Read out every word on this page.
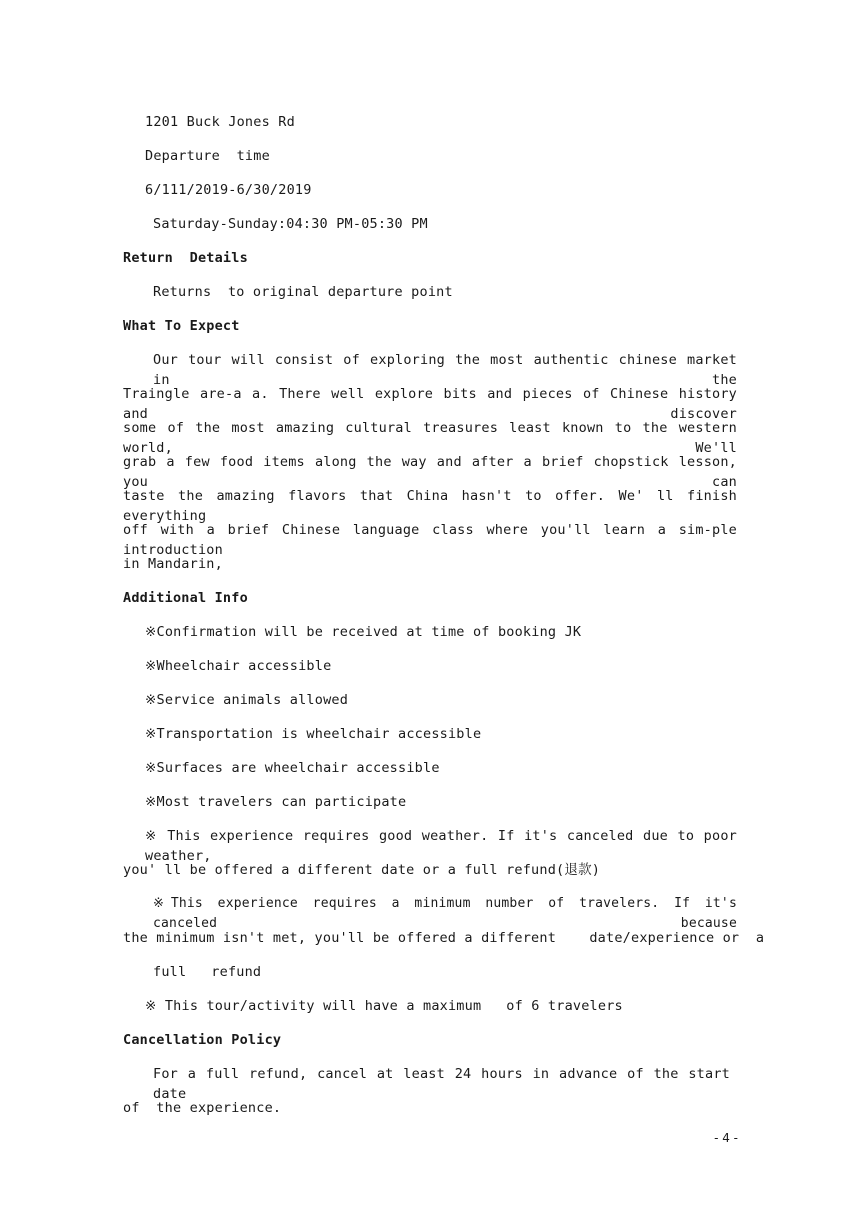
1201 Buck Jones Rd
Departure  time
6/111/2019-6/30/2019
Saturday-Sunday:04:30 PM-05:30 PM
Return  Details
Returns  to original departure point
What To Expect
Our tour will consist of exploring the most authentic chinese market in the
Traingle are-a a. There well explore bits and pieces of Chinese history and discover
some of the most amazing cultural treasures least known to the western world, We'll
grab a few food items along the way and after a brief chopstick lesson, you can
taste the amazing flavors that China hasn't to offer. We' ll finish everything
off with a brief Chinese language class where you'll learn a sim-ple introduction
in Mandarin,
Additional Info
※Confirmation will be received at time of booking JK
※Wheelchair accessible
※Service animals allowed
※Transportation is wheelchair accessible
※Surfaces are wheelchair accessible
※Most travelers can participate
※ This experience requires good weather. If it's canceled due to poor weather,
you' ll be offered a different date or a full refund(退款)
※This experience requires a minimum number of travelers. If it's canceled because
the minimum isn't met, you'll be offered a different    date/experience or  a
full   refund
※ This tour/activity will have a maximum   of 6 travelers
Cancellation Policy
For a full refund, cancel at least 24 hours in advance of the start date
of  the experience.
- 4 -
